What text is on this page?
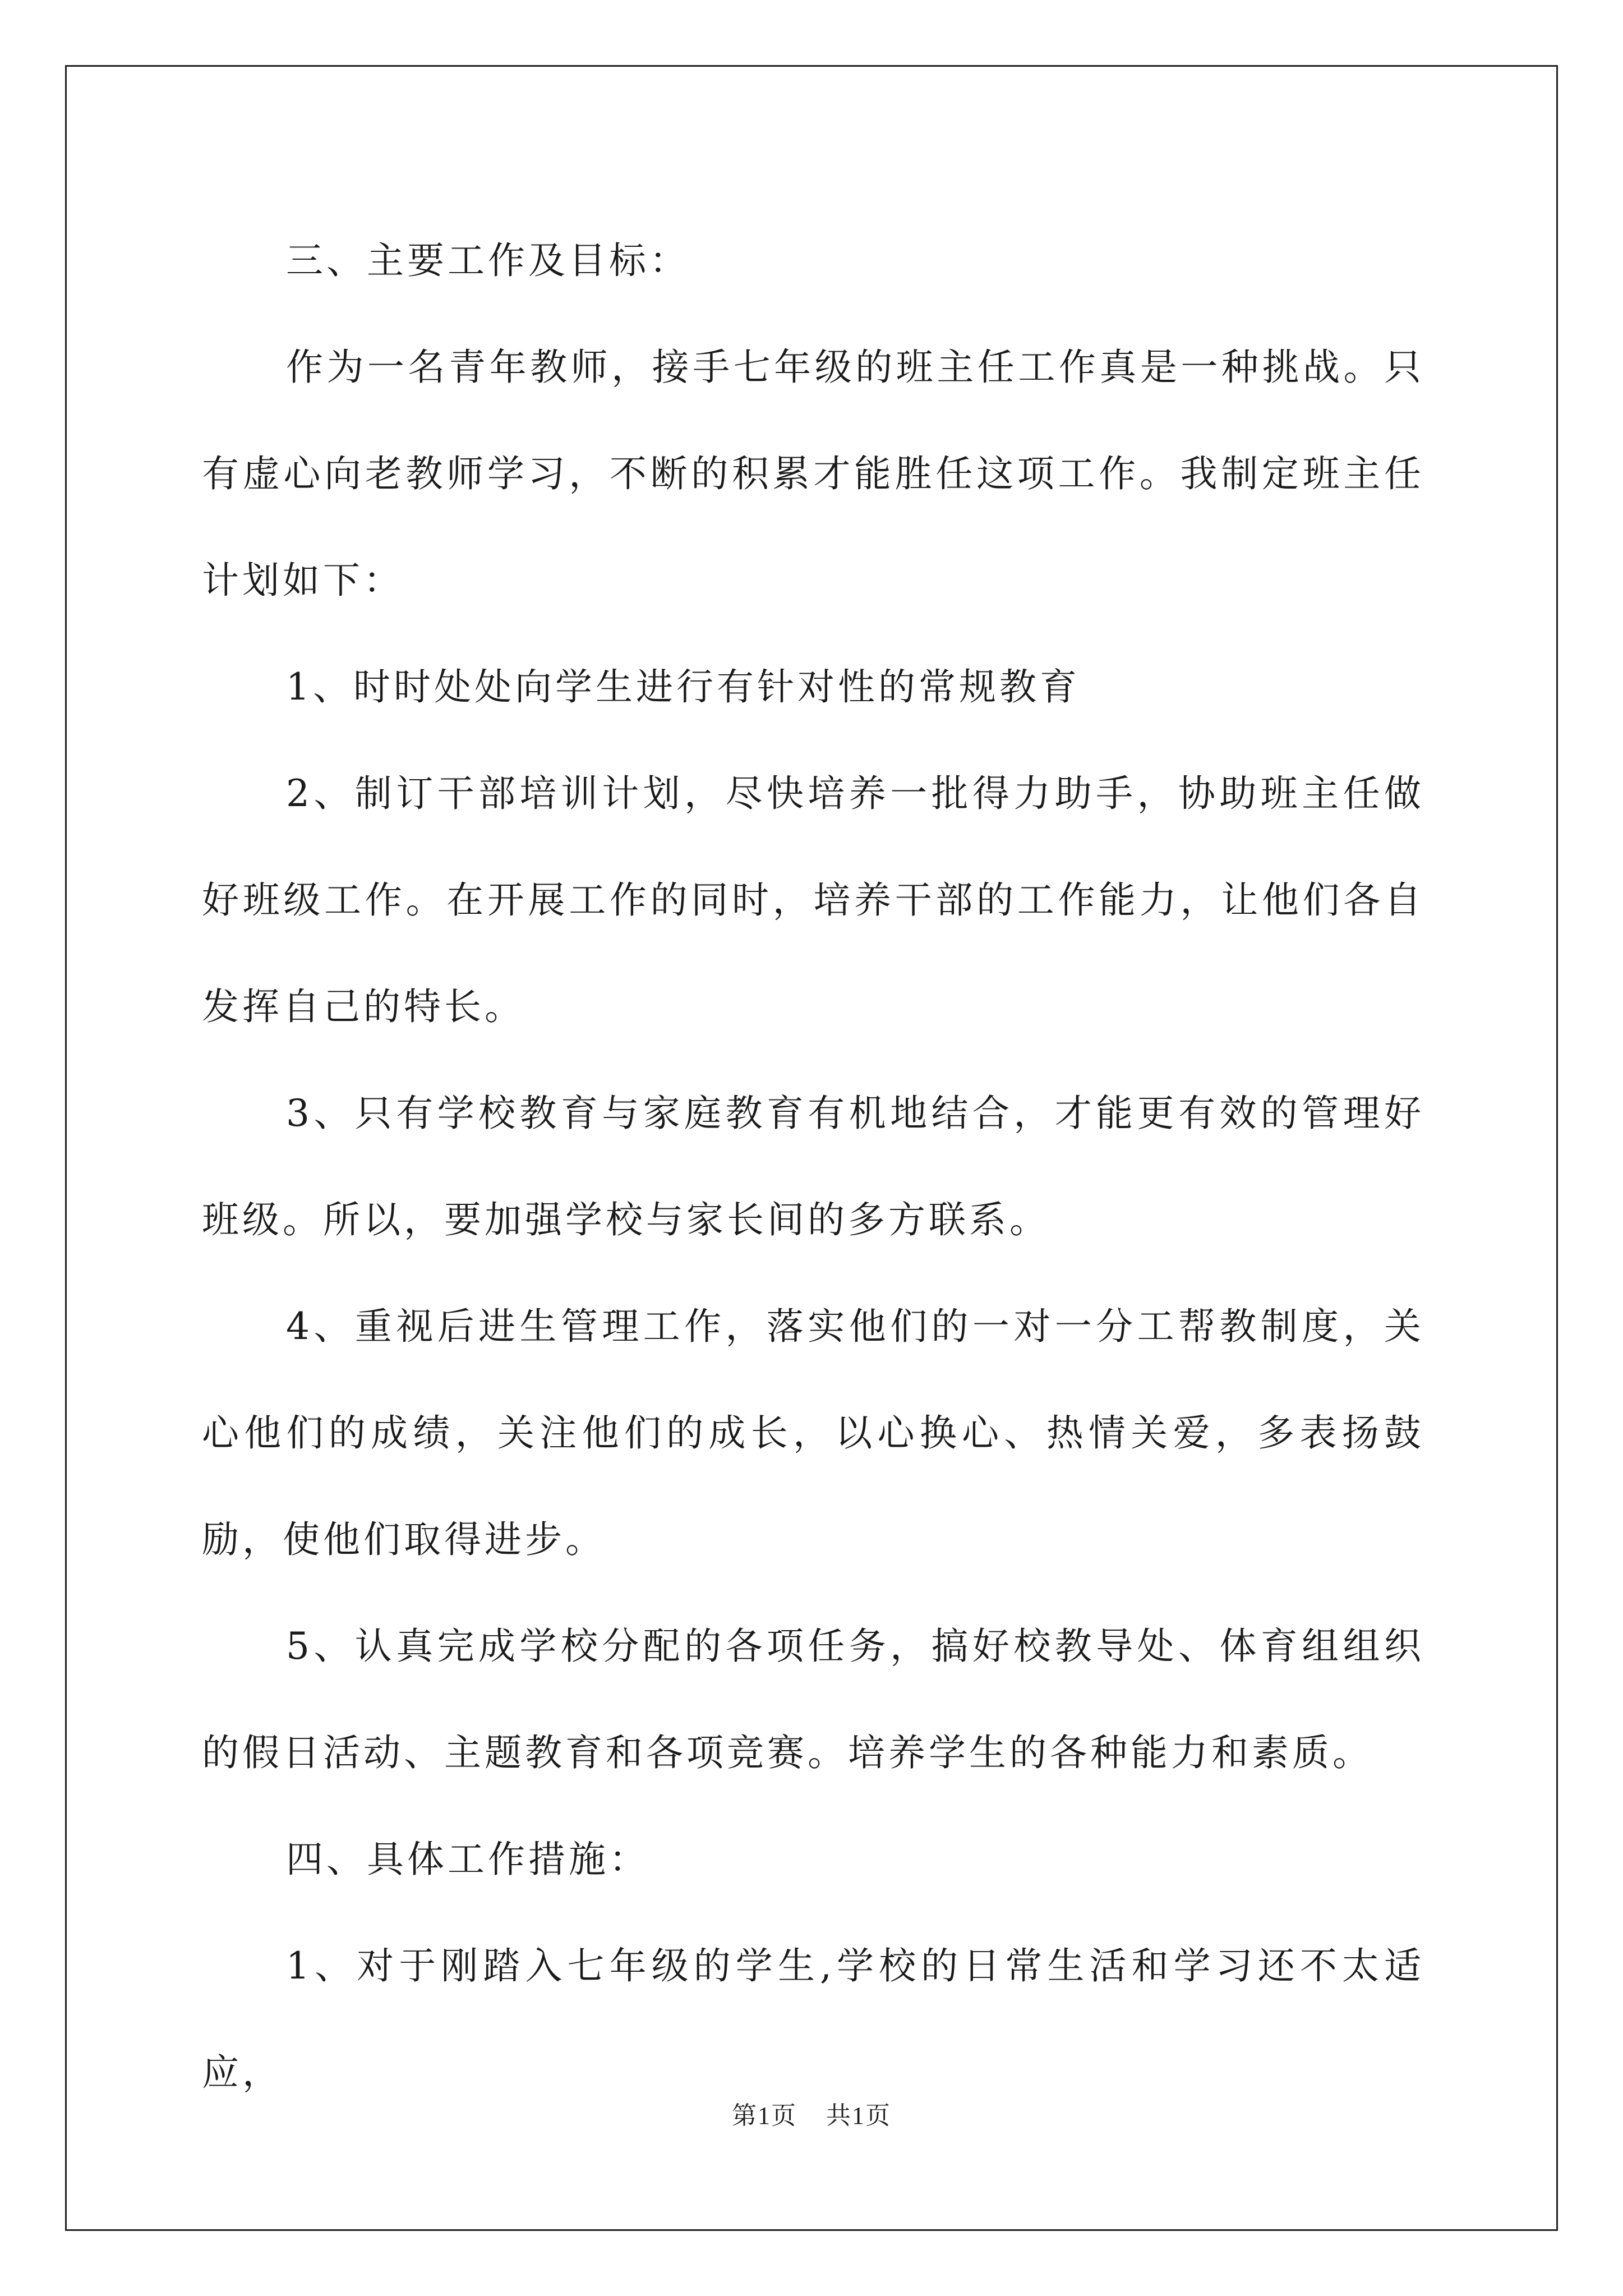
三、主要工作及目标：

作为一名青年教师，接手七年级的班主任工作真是一种挑战。只有虚心向老教师学习，不断的积累才能胜任这项工作。我制定班主任计划如下：

1、时时处处向学生进行有针对性的常规教育

2、制订干部培训计划，尽快培养一批得力助手，协助班主任做好班级工作。在开展工作的同时，培养干部的工作能力，让他们各自发挥自己的特长。

3、只有学校教育与家庭教育有机地结合，才能更有效的管理好班级。所以，要加强学校与家长间的多方联系。

4、重视后进生管理工作，落实他们的一对一分工帮教制度，关心他们的成绩，关注他们的成长，以心换心、热情关爱，多表扬鼓励，使他们取得进步。

5、认真完成学校分配的各项任务，搞好校教导处、体育组组织的假日活动、主题教育和各项竞赛。培养学生的各种能力和素质。

四、具体工作措施：

1、对于刚踏入七年级的学生,学校的日常生活和学习还不太适应，

第1页 共1页
